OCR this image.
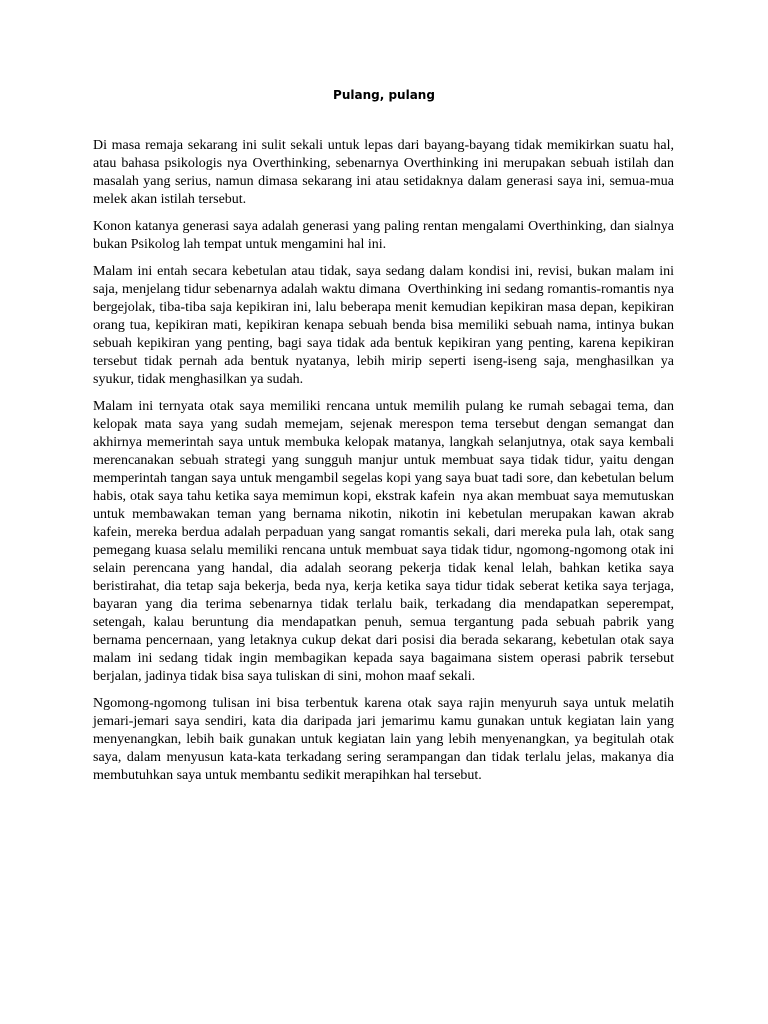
Pulang, pulang

Di masa remaja sekarang ini sulit sekali untuk lepas dari bayang-bayang tidak memikirkan suatu hal, atau bahasa psikologis nya Overthinking, sebenarnya Overthinking ini merupakan sebuah istilah dan masalah yang serius, namun dimasa sekarang ini atau setidaknya dalam generasi saya ini, semua-mua melek akan istilah tersebut.

Konon katanya generasi saya adalah generasi yang paling rentan mengalami Overthinking, dan sialnya bukan Psikolog lah tempat untuk mengamini hal ini.

Malam ini entah secara kebetulan atau tidak, saya sedang dalam kondisi ini, revisi, bukan malam ini saja, menjelang tidur sebenarnya adalah waktu dimana  Overthinking ini sedang romantis-romantis nya bergejolak, tiba-tiba saja kepikiran ini, lalu beberapa menit kemudian kepikiran masa depan, kepikiran orang tua, kepikiran mati, kepikiran kenapa sebuah benda bisa memiliki sebuah nama, intinya bukan sebuah kepikiran yang penting, bagi saya tidak ada bentuk kepikiran yang penting, karena kepikiran tersebut tidak pernah ada bentuk nyatanya, lebih mirip seperti iseng-iseng saja, menghasilkan ya syukur, tidak menghasilkan ya sudah.

Malam ini ternyata otak saya memiliki rencana untuk memilih pulang ke rumah sebagai tema, dan kelopak mata saya yang sudah memejam, sejenak merespon tema tersebut dengan semangat dan akhirnya memerintah saya untuk membuka kelopak matanya, langkah selanjutnya, otak saya kembali merencanakan sebuah strategi yang sungguh manjur untuk membuat saya tidak tidur, yaitu dengan memperintah tangan saya untuk mengambil segelas kopi yang saya buat tadi sore, dan kebetulan belum habis, otak saya tahu ketika saya memimun kopi, ekstrak kafein  nya akan membuat saya memutuskan untuk membawakan teman yang bernama nikotin, nikotin ini kebetulan merupakan kawan akrab kafein, mereka berdua adalah perpaduan yang sangat romantis sekali, dari mereka pula lah, otak sang pemegang kuasa selalu memiliki rencana untuk membuat saya tidak tidur, ngomong-ngomong otak ini selain perencana yang handal, dia adalah seorang pekerja tidak kenal lelah, bahkan ketika saya beristirahat, dia tetap saja bekerja, beda nya, kerja ketika saya tidur tidak seberat ketika saya terjaga, bayaran yang dia terima sebenarnya tidak terlalu baik, terkadang dia mendapatkan seperempat, setengah, kalau beruntung dia mendapatkan penuh, semua tergantung pada sebuah pabrik yang bernama pencernaan, yang letaknya cukup dekat dari posisi dia berada sekarang, kebetulan otak saya malam ini sedang tidak ingin membagikan kepada saya bagaimana sistem operasi pabrik tersebut berjalan, jadinya tidak bisa saya tuliskan di sini, mohon maaf sekali.

Ngomong-ngomong tulisan ini bisa terbentuk karena otak saya rajin menyuruh saya untuk melatih jemari-jemari saya sendiri, kata dia daripada jari jemarimu kamu gunakan untuk kegiatan lain yang menyenangkan, lebih baik gunakan untuk kegiatan lain yang lebih menyenangkan, ya begitulah otak saya, dalam menyusun kata-kata terkadang sering serampangan dan tidak terlalu jelas, makanya dia membutuhkan saya untuk membantu sedikit merapihkan hal tersebut.
